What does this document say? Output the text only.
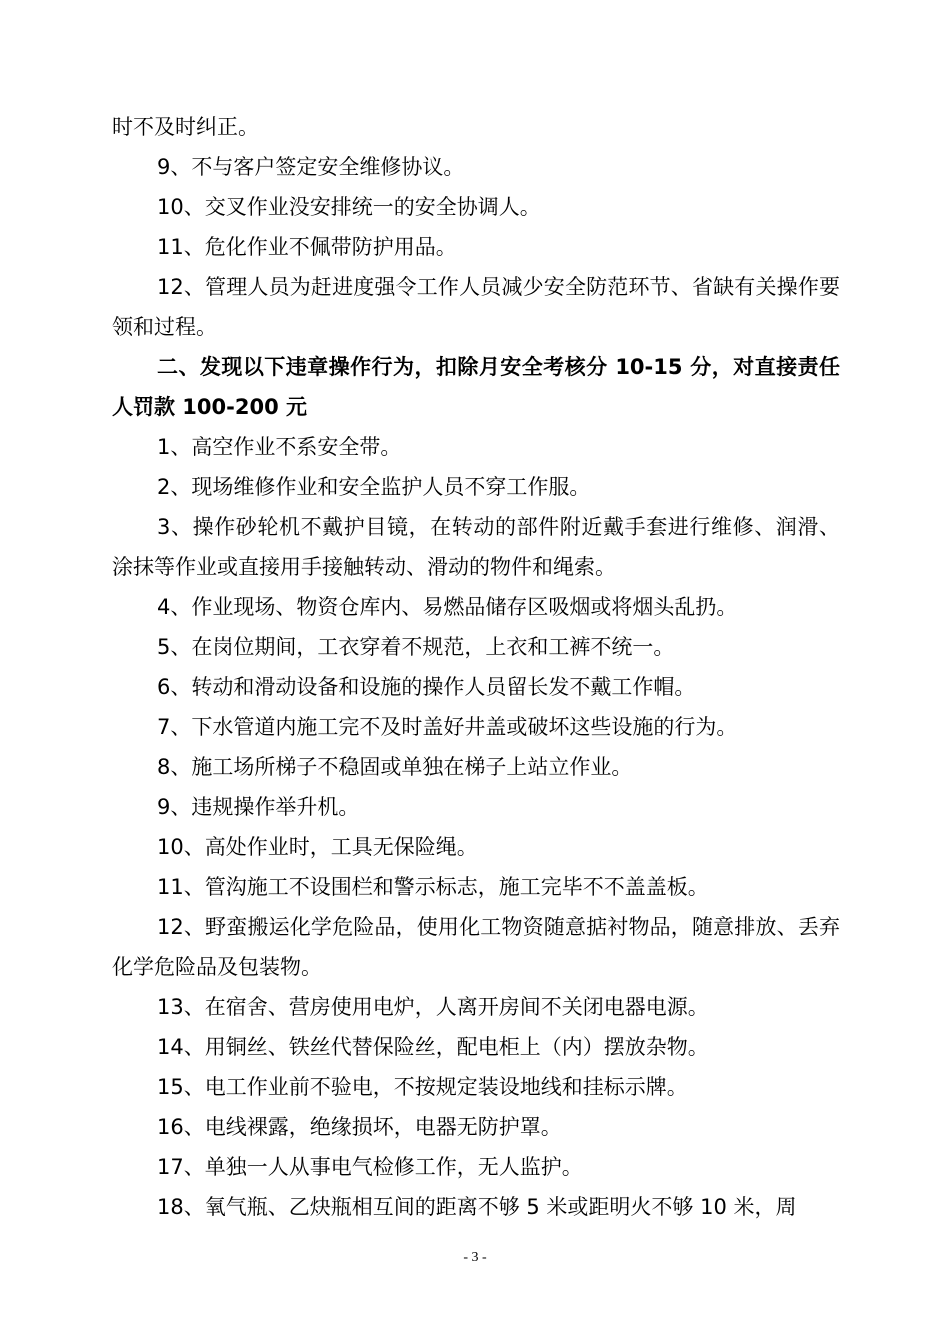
时不及时纠正。

9、不与客户签定安全维修协议。

10、交叉作业没安排统一的安全协调人。

11、危化作业不佩带防护用品。

12、管理人员为赶进度强令工作人员减少安全防范环节、省缺有关操作要领和过程。

二、发现以下违章操作行为，扣除月安全考核分 10-15 分，对直接责任人罚款 100-200 元

1、高空作业不系安全带。

2、现场维修作业和安全监护人员不穿工作服。

3、操作砂轮机不戴护目镜，在转动的部件附近戴手套进行维修、润滑、涂抹等作业或直接用手接触转动、滑动的物件和绳索。

4、作业现场、物资仓库内、易燃品储存区吸烟或将烟头乱扔。

5、在岗位期间，工衣穿着不规范，上衣和工裤不统一。

6、转动和滑动设备和设施的操作人员留长发不戴工作帽。

7、下水管道内施工完不及时盖好井盖或破坏这些设施的行为。

8、施工场所梯子不稳固或单独在梯子上站立作业。

9、违规操作举升机。

10、高处作业时，工具无保险绳。

11、管沟施工不设围栏和警示标志，施工完毕不不盖盖板。

12、野蛮搬运化学危险品，使用化工物资随意掂衬物品，随意排放、丢弃化学危险品及包装物。

13、在宿舍、营房使用电炉，人离开房间不关闭电器电源。

14、用铜丝、铁丝代替保险丝，配电柜上（内）摆放杂物。

15、电工作业前不验电，不按规定装设地线和挂标示牌。

16、电线裸露，绝缘损坏，电器无防护罩。

17、单独一人从事电气检修工作，无人监护。

18、氧气瓶、乙炔瓶相互间的距离不够 5 米或距明火不够 10 米，周

- 3 -
